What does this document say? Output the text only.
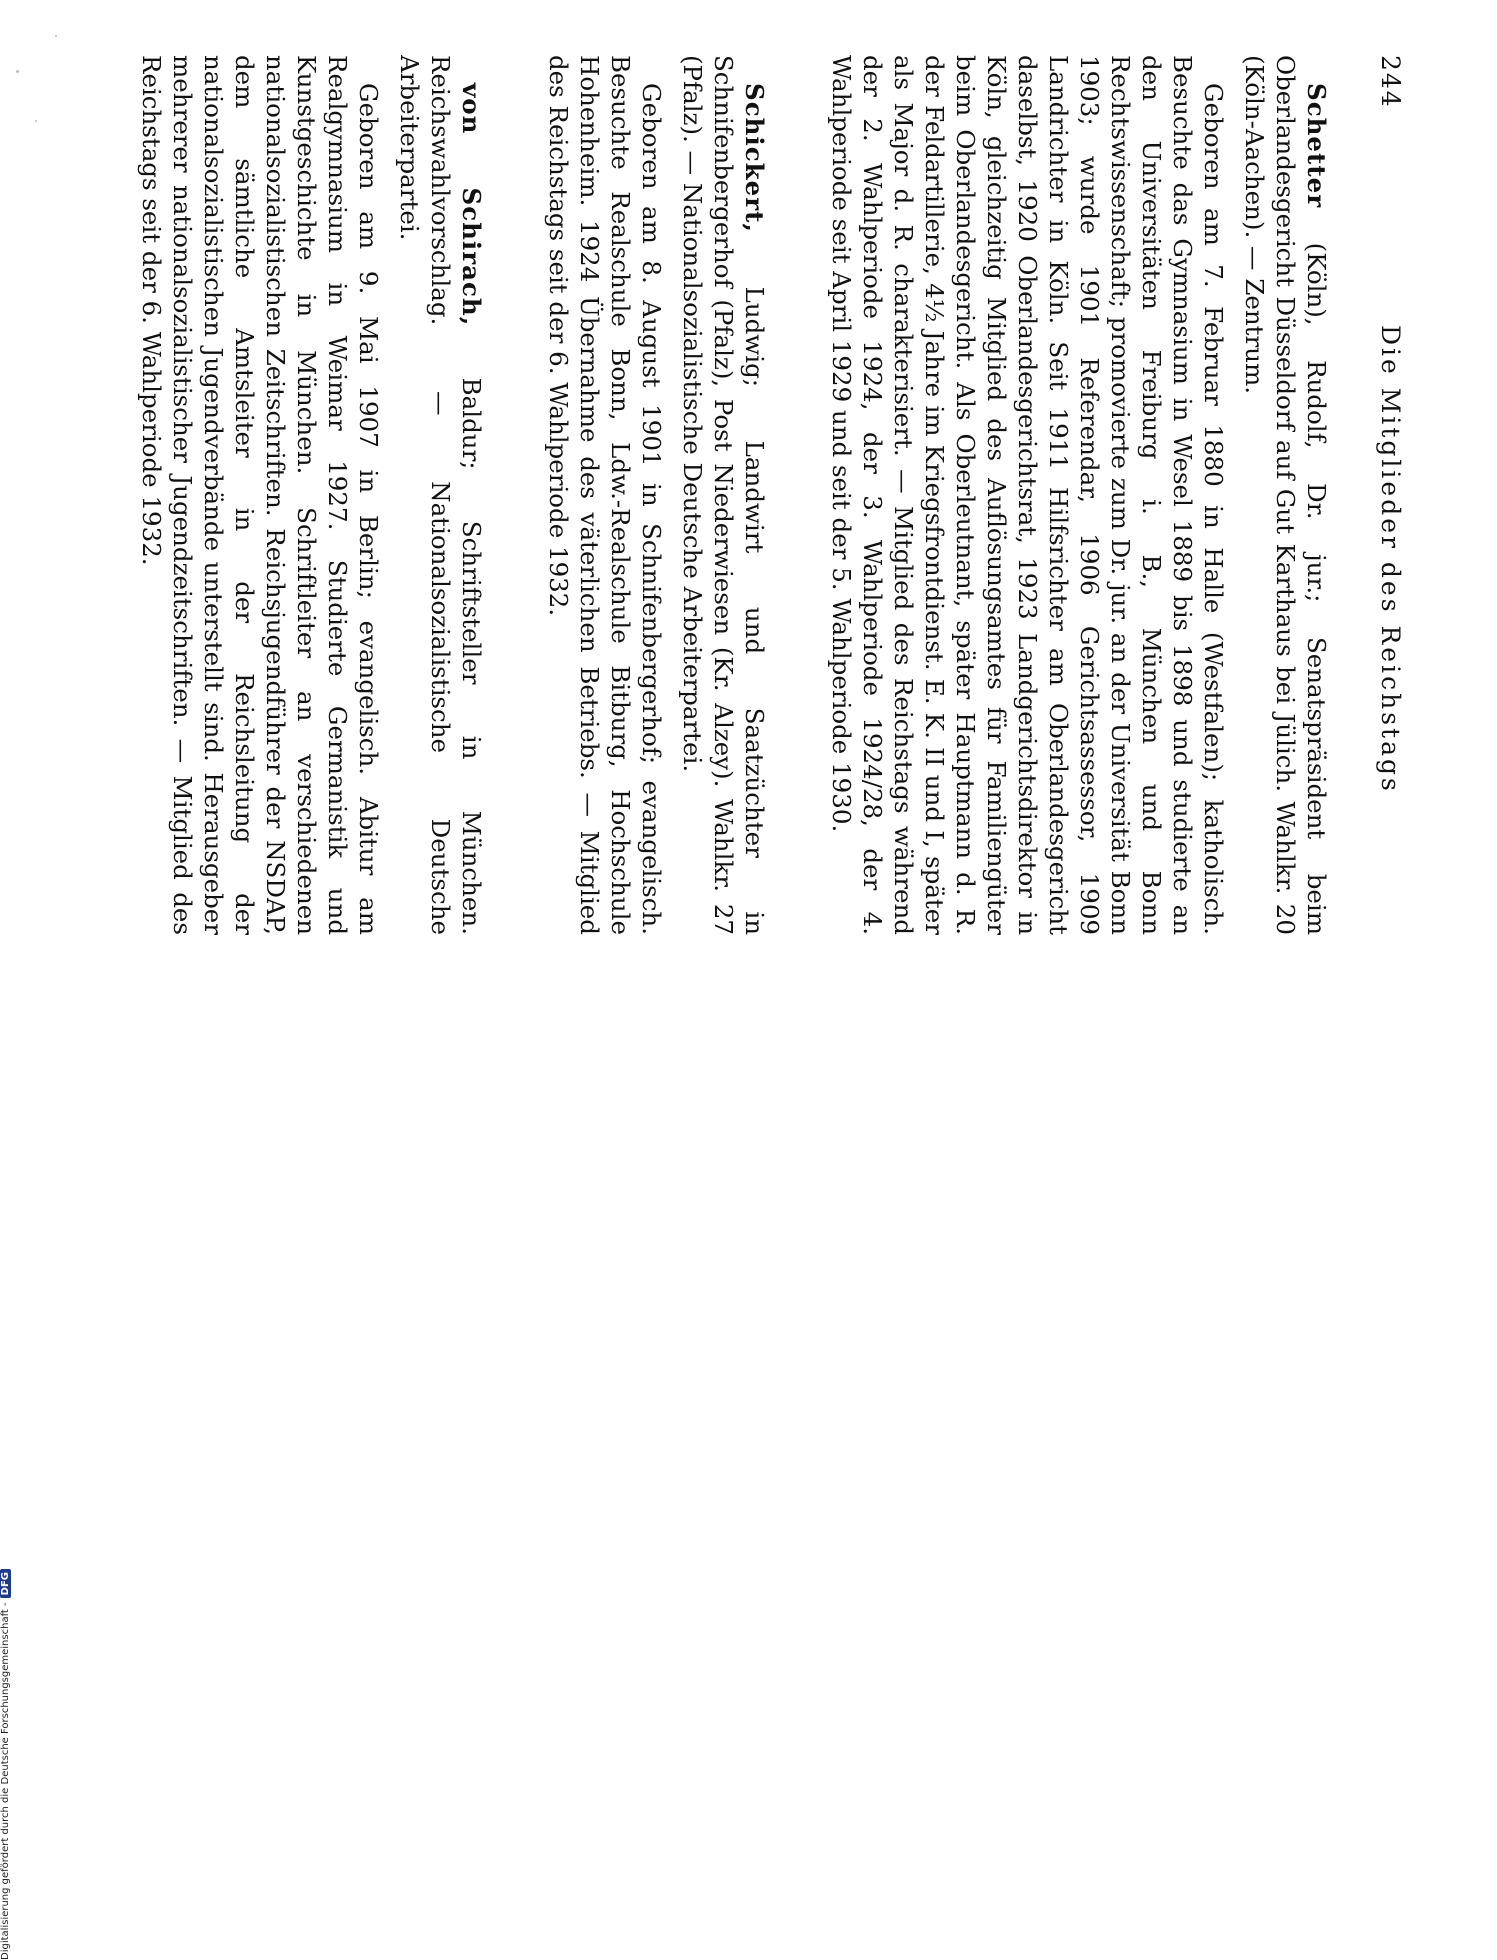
244
Die Mitglieder des Reichstags

Schetter (Köln), Rudolf, Dr. jur.; Senatspräsident beim Oberlandesgericht Düsseldorf auf Gut Karthaus bei Jülich. Wahlkr. 20 (Köln-Aachen). — Zentrum.

Geboren am 7. Februar 1880 in Halle (Westfalen); katholisch. Besuchte das Gymnasium in Wesel 1889 bis 1898 und studierte an den Universitäten Freiburg i. B., München und Bonn Rechtswissenschaft; promovierte zum Dr. jur. an der Universität Bonn 1903; wurde 1901 Referendar, 1906 Gerichtsassessor, 1909 Landrichter in Köln. Seit 1911 Hilfsrichter am Oberlandesgericht daselbst, 1920 Oberlandesgerichtsrat, 1923 Landgerichtsdirektor in Köln, gleichzeitig Mitglied des Auflösungsamtes für Familiengüter beim Oberlandesgericht. Als Oberleutnant, später Hauptmann d. R. der Feldartillerie, 4½ Jahre im Kriegsfrontdienst. E. K. II und I, später als Major d. R. charakterisiert. — Mitglied des Reichstags während der 2. Wahlperiode 1924, der 3. Wahlperiode 1924/28, der 4. Wahlperiode seit April 1929 und seit der 5. Wahlperiode 1930.

Schickert, Ludwig; Landwirt und Saatzüchter in Schnifenbergerhof (Pfalz), Post Niederwiesen (Kr. Alzey). Wahlkr. 27 (Pfalz). — Nationalsozialistische Deutsche Arbeiterpartei.

Geboren am 8. August 1901 in Schnifenbergerhof; evangelisch. Besuchte Realschule Bonn, Ldw.-Realschule Bitburg, Hochschule Hohenheim. 1924 Übernahme des väterlichen Betriebs. — Mitglied des Reichstags seit der 6. Wahlperiode 1932.

von Schirach, Baldur; Schriftsteller in München. Reichswahlvorschlag. — Nationalsozialistische Deutsche Arbeiterpartei.

Geboren am 9. Mai 1907 in Berlin; evangelisch. Abitur am Realgymnasium in Weimar 1927. Studierte Germanistik und Kunstgeschichte in München. Schriftleiter an verschiedenen nationalsozialistischen Zeitschriften. Reichsjugendführer der NSDAP, dem sämtliche Amtsleiter in der Reichsleitung der nationalsozialistischen Jugendverbände unterstellt sind. Herausgeber mehrerer nationalsozialistischer Jugendzeitschriften. — Mitglied des Reichstags seit der 6. Wahlperiode 1932.

Digitalisierung gefördert durch die Deutsche Forschungsgemeinschaft -DFG
